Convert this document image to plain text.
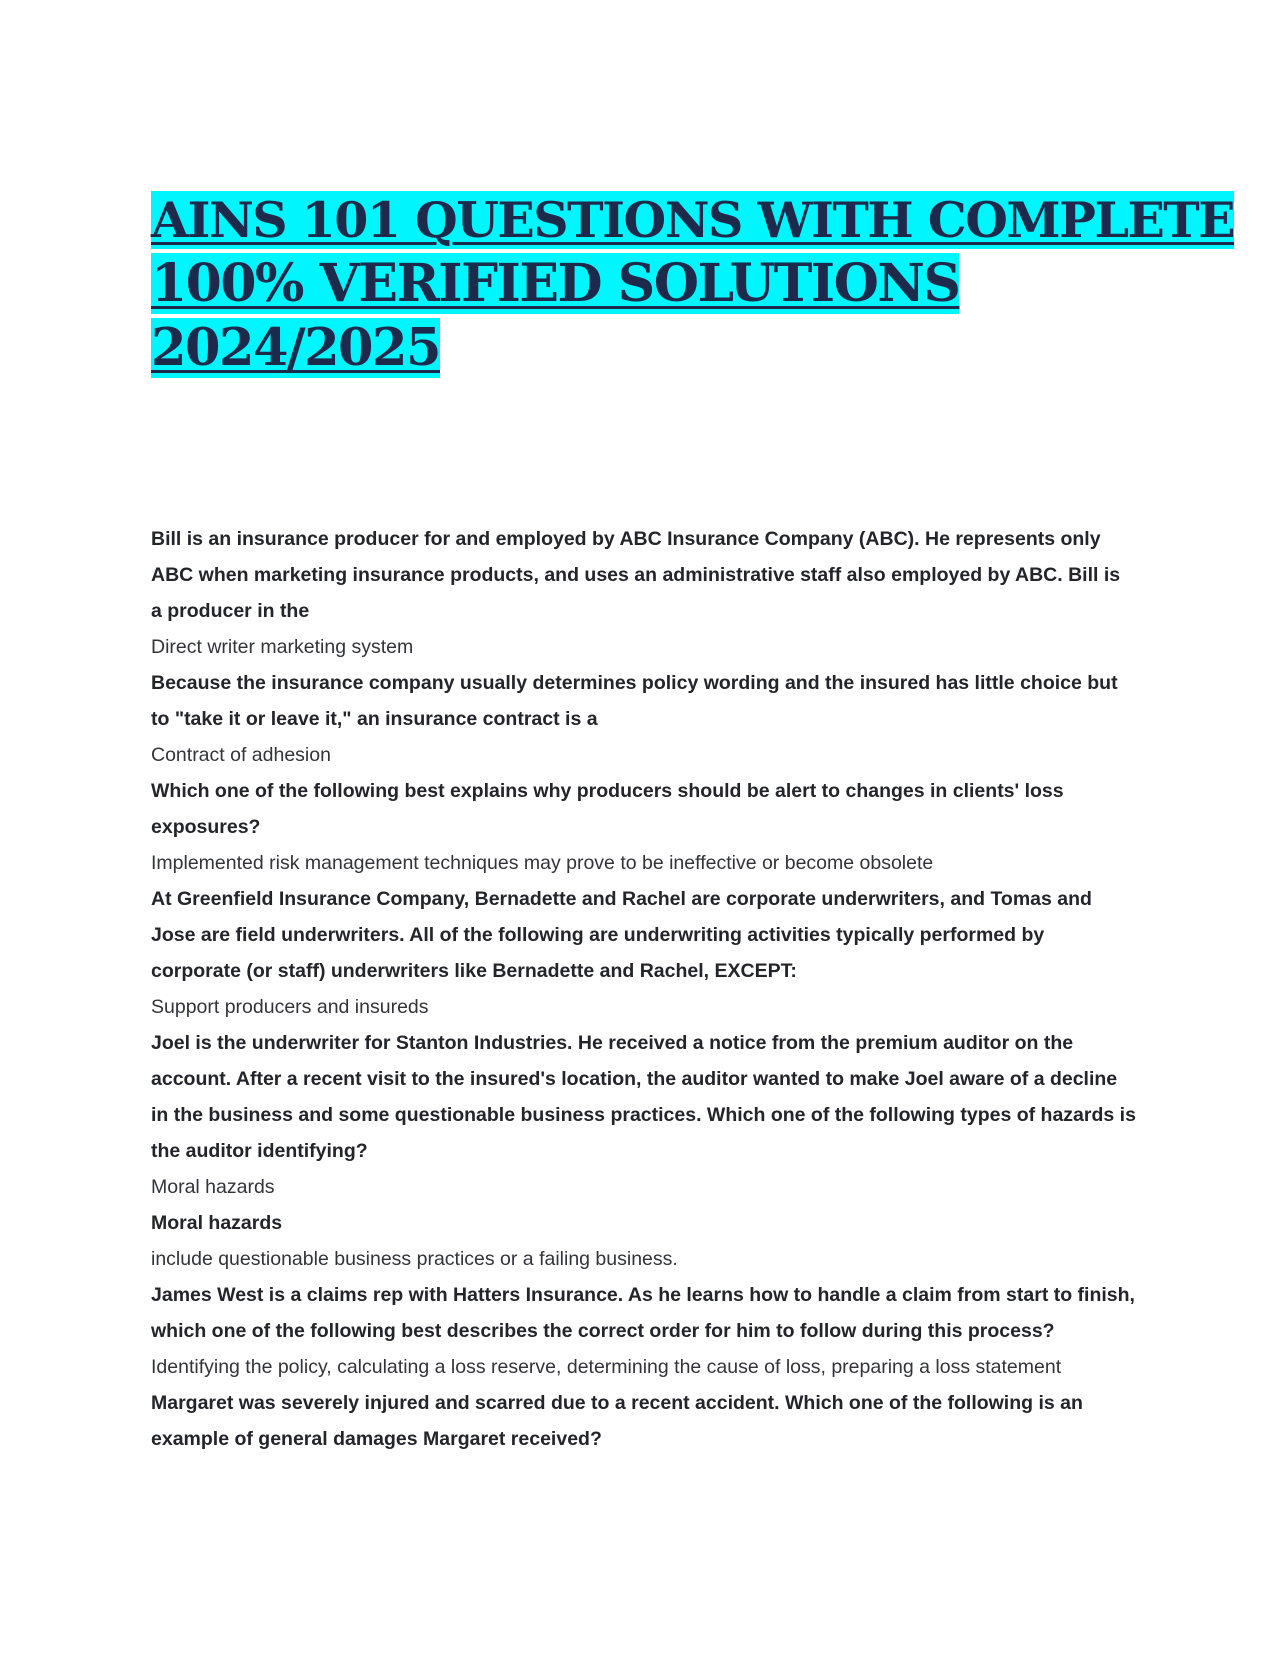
AINS 101 QUESTIONS WITH COMPLETE
100% VERIFIED SOLUTIONS
2024/2025

Bill is an insurance producer for and employed by ABC Insurance Company (ABC). He represents only ABC when marketing insurance products, and uses an administrative staff also employed by ABC. Bill is a producer in the

Direct writer marketing system

Because the insurance company usually determines policy wording and the insured has little choice but to "take it or leave it," an insurance contract is a

Contract of adhesion

Which one of the following best explains why producers should be alert to changes in clients' loss exposures?

Implemented risk management techniques may prove to be ineffective or become obsolete

At Greenfield Insurance Company, Bernadette and Rachel are corporate underwriters, and Tomas and Jose are field underwriters. All of the following are underwriting activities typically performed by corporate (or staff) underwriters like Bernadette and Rachel, EXCEPT:

Support producers and insureds

Joel is the underwriter for Stanton Industries. He received a notice from the premium auditor on the account. After a recent visit to the insured's location, the auditor wanted to make Joel aware of a decline in the business and some questionable business practices. Which one of the following types of hazards is the auditor identifying?

Moral hazards

Moral hazards

include questionable business practices or a failing business.

James West is a claims rep with Hatters Insurance. As he learns how to handle a claim from start to finish, which one of the following best describes the correct order for him to follow during this process?

Identifying the policy, calculating a loss reserve, determining the cause of loss, preparing a loss statement

Margaret was severely injured and scarred due to a recent accident. Which one of the following is an example of general damages Margaret received?
